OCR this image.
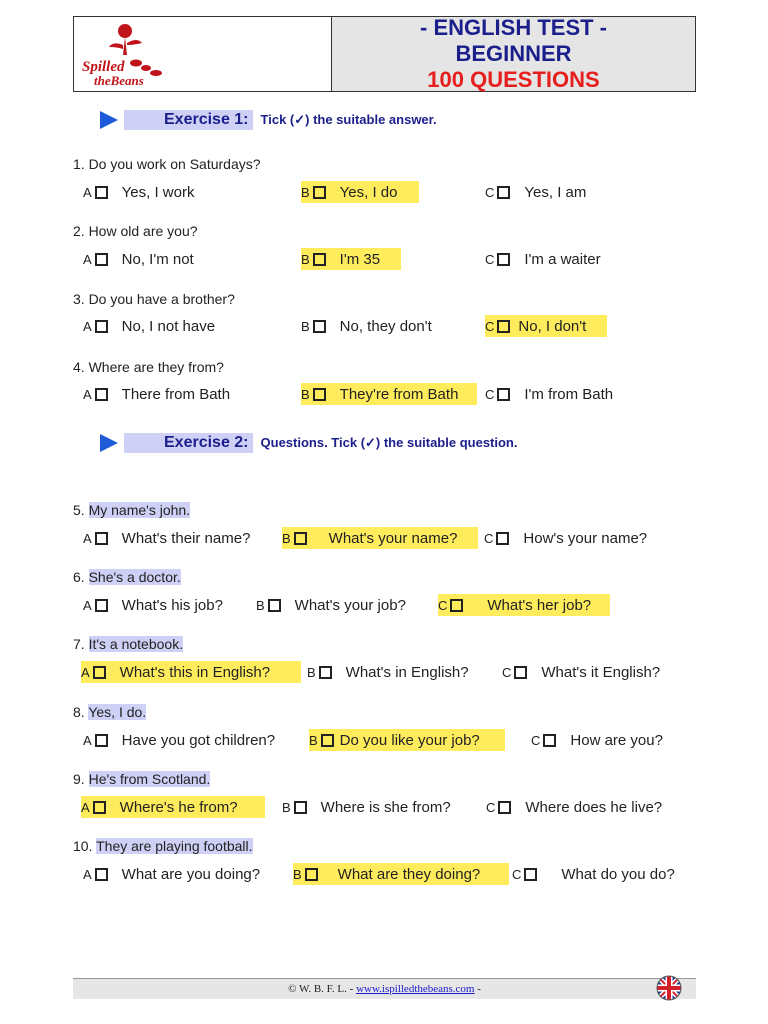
Spilled
theBeans
- ENGLISH TEST -
BEGINNER
100 QUESTIONS
Exercise 1: Tick (✓) the suitable answer.
Exercise 2: Questions. Tick (✓) the suitable question.
1. Do you work on Saturdays?
A Yes, I work	B Yes, I do	C Yes, I am
2. How old are you?
A No, I'm not	B I'm 35	C I'm a waiter
3. Do you have a brother?
A No, I not have	B No, they don't	C No, I don't
4. Where are they from?
A There from Bath	B They're from Bath C I'm from Bath
5. My name's john.
A What's their name? B	What's your name? C How's your name?
6. She's a doctor.
A What's his job?	B What's your job? C	What's her job?
7. It's a notebook.
A What's this in English?	B What's in English?	C What's it English?
8. Yes, I do.
A Have you got children?	B Do you like your job?	C How are you?
9. He's from Scotland.
A Where's he from?	B Where is she from?	C Where does he live?
10. They are playing football.
A What are you doing?	B What are they doing? C	What do you do?
© W. B. F. L. - www.ispilledthebeans.com -
